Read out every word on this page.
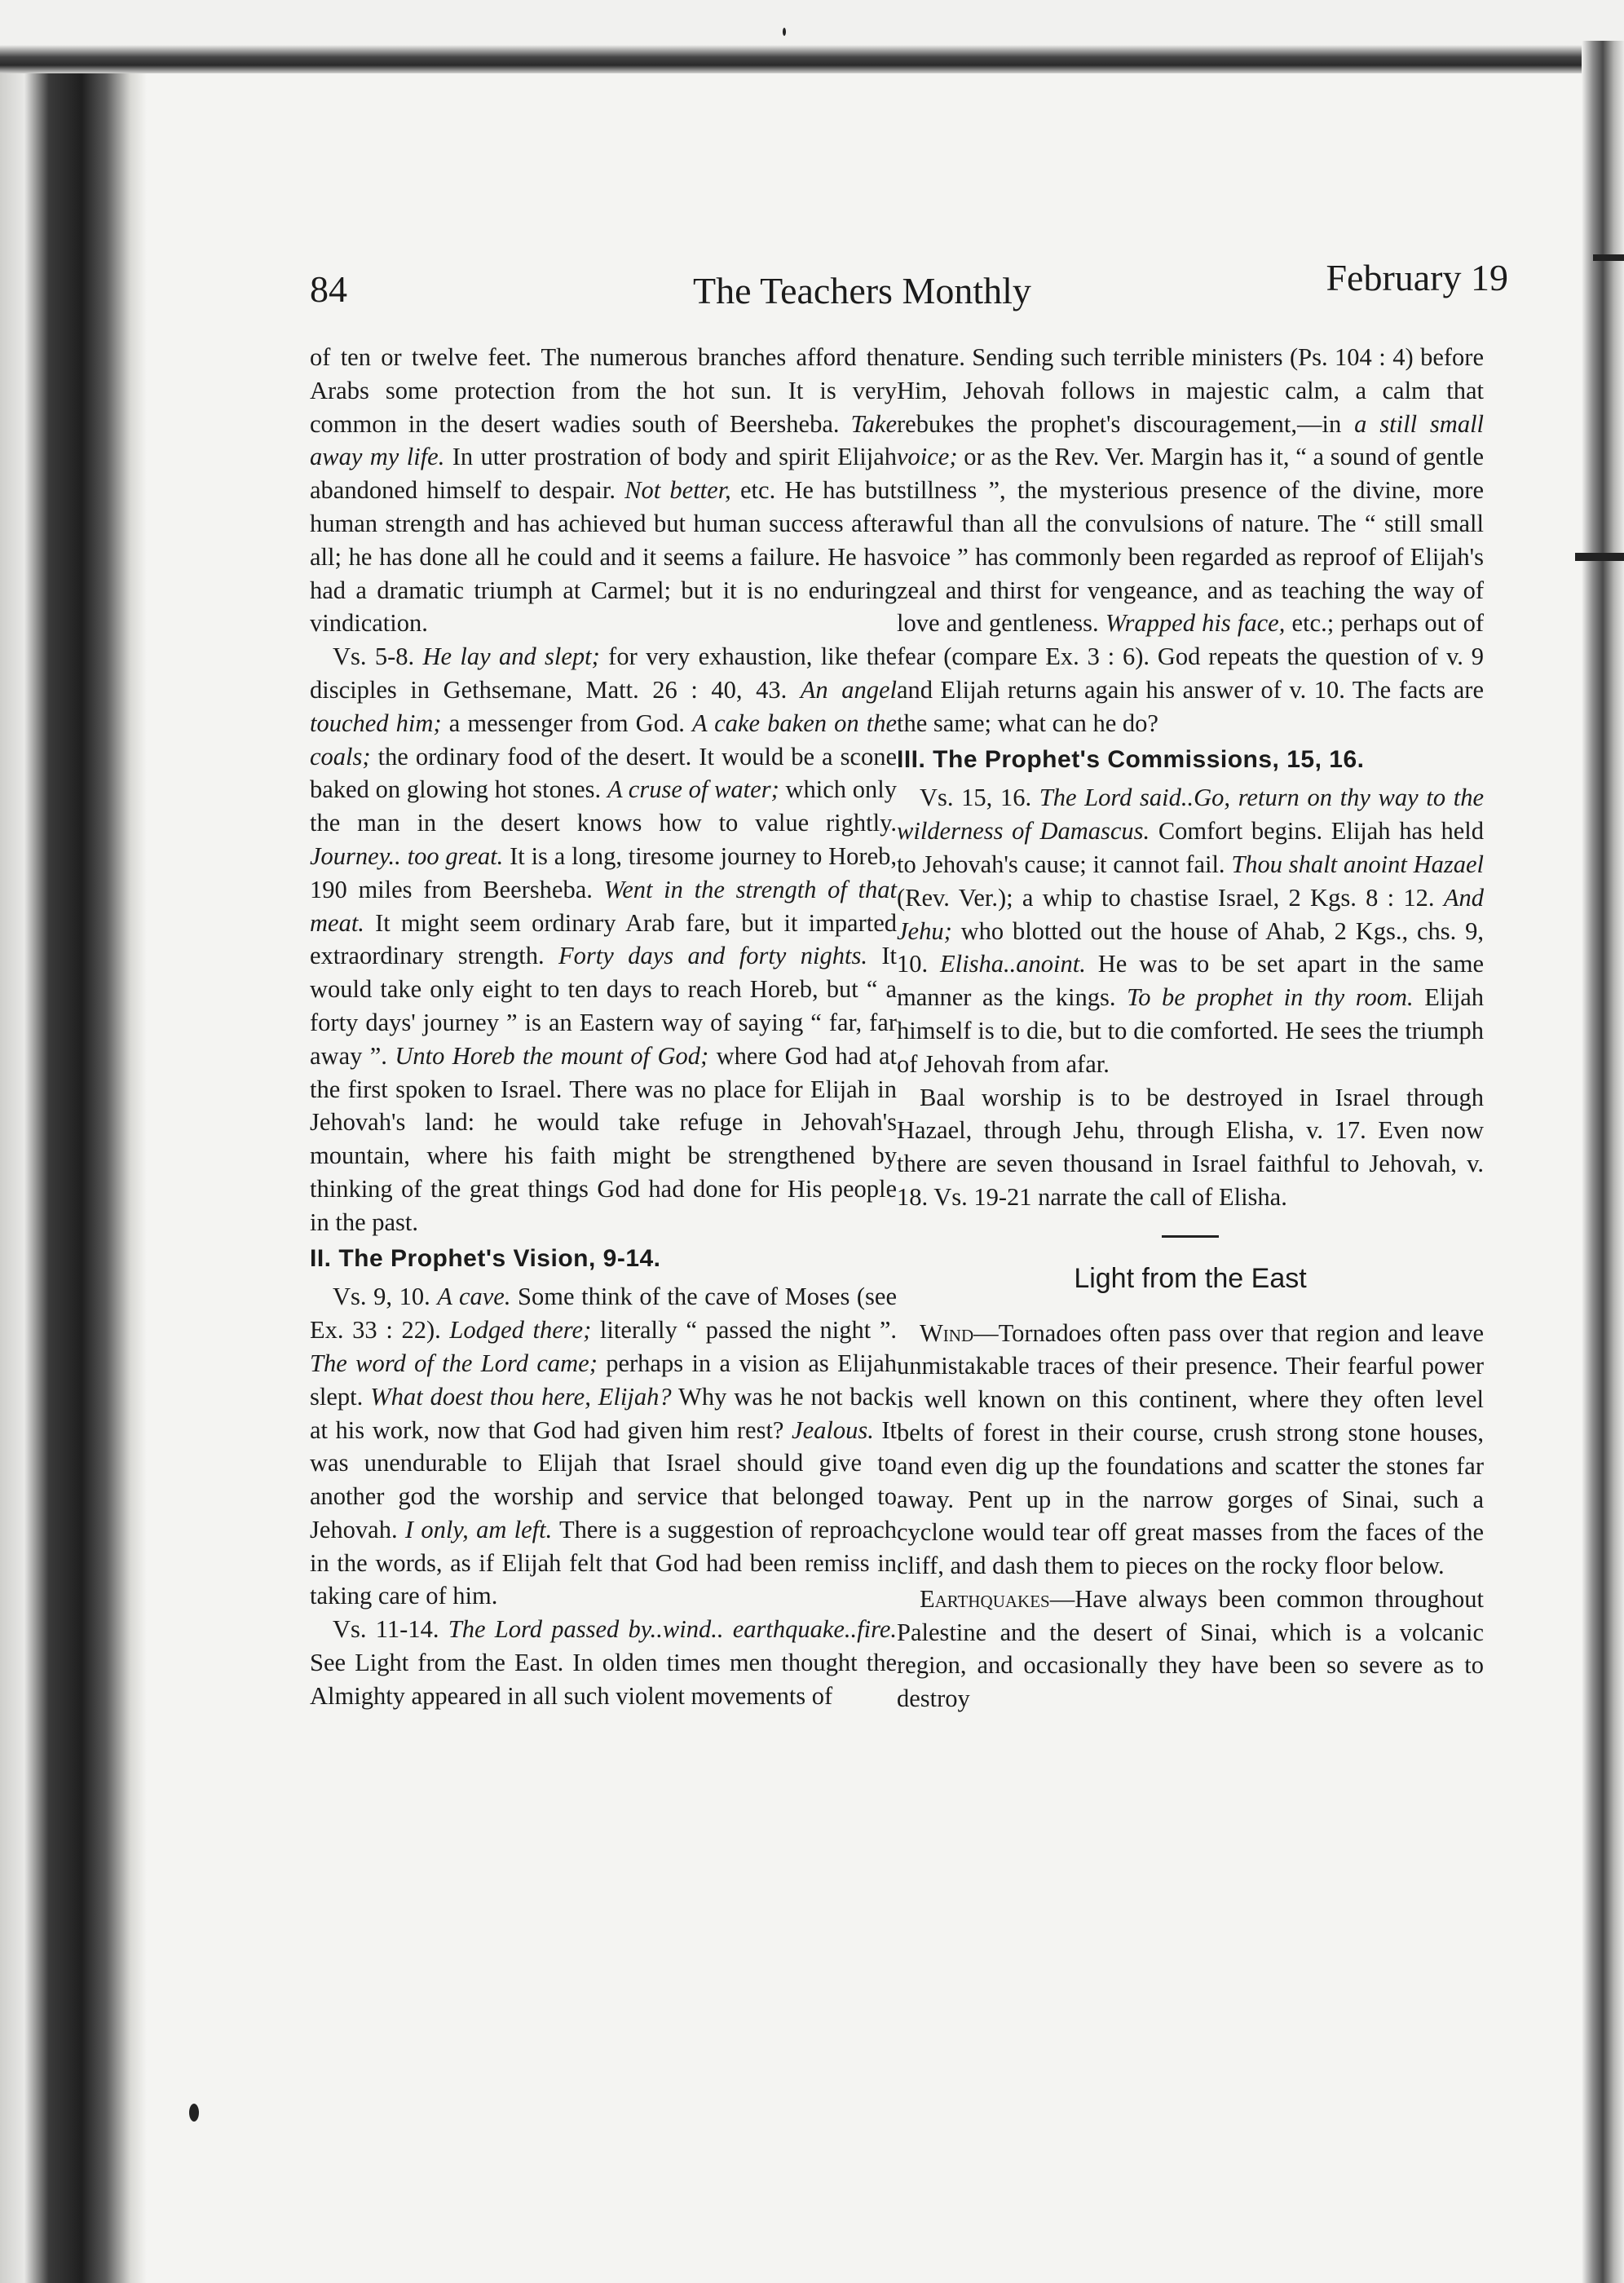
84	The Teachers Monthly	February 19

of ten or twelve feet. The numerous branches afford the Arabs some protection from the hot sun. It is very common in the desert wadies south of Beersheba. Take away my life. In utter prostration of body and spirit Elijah abandoned himself to despair. Not better, etc. He has but human strength and has achieved but human success after all; he has done all he could and it seems a failure. He has had a dramatic triumph at Carmel; but it is no enduring vindication.

Vs. 5-8. He lay and slept; for very exhaustion, like the disciples in Gethsemane, Matt. 26 : 40, 43. An angel touched him; a messenger from God. A cake baken on the coals; the ordinary food of the desert. It would be a scone baked on glowing hot stones. A cruse of water; which only the man in the desert knows how to value rightly. Journey.. too great. It is a long, tiresome journey to Horeb, 190 miles from Beersheba. Went in the strength of that meat. It might seem ordinary Arab fare, but it imparted extraordinary strength. Forty days and forty nights. It would take only eight to ten days to reach Horeb, but “ a forty days' journey ” is an Eastern way of saying “ far, far away ”. Unto Horeb the mount of God; where God had at the first spoken to Israel. There was no place for Elijah in Jehovah's land: he would take refuge in Jehovah's mountain, where his faith might be strengthened by thinking of the great things God had done for His people in the past.

II. The Prophet's Vision, 9-14.

Vs. 9, 10. A cave. Some think of the cave of Moses (see Ex. 33 : 22). Lodged there; literally “ passed the night ”. The word of the Lord came; perhaps in a vision as Elijah slept. What doest thou here, Elijah? Why was he not back at his work, now that God had given him rest? Jealous. It was unendurable to Elijah that Israel should give to another god the worship and service that belonged to Jehovah. I only, am left. There is a suggestion of reproach in the words, as if Elijah felt that God had been remiss in taking care of him.

Vs. 11-14. The Lord passed by..wind.. earthquake..fire. See Light from the East. In olden times men thought the Almighty appeared in all such violent movements of

nature. Sending such terrible ministers (Ps. 104 : 4) before Him, Jehovah follows in majestic calm, a calm that rebukes the prophet's discouragement,—in a still small voice; or as the Rev. Ver. Margin has it, “ a sound of gentle stillness ”, the mysterious presence of the divine, more awful than all the convulsions of nature. The “ still small voice ” has commonly been regarded as reproof of Elijah's zeal and thirst for vengeance, and as teaching the way of love and gentleness. Wrapped his face, etc.; perhaps out of fear (compare Ex. 3 : 6). God repeats the question of v. 9 and Elijah returns again his answer of v. 10. The facts are the same; what can he do?

III. The Prophet's Commissions, 15, 16.

Vs. 15, 16. The Lord said..Go, return on thy way to the wilderness of Damascus. Comfort begins. Elijah has held to Jehovah's cause; it cannot fail. Thou shalt anoint Hazael (Rev. Ver.); a whip to chastise Israel, 2 Kgs. 8 : 12. And Jehu; who blotted out the house of Ahab, 2 Kgs., chs. 9, 10. Elisha..anoint. He was to be set apart in the same manner as the kings. To be prophet in thy room. Elijah himself is to die, but to die comforted. He sees the triumph of Jehovah from afar.

Baal worship is to be destroyed in Israel through Hazael, through Jehu, through Elisha, v. 17. Even now there are seven thousand in Israel faithful to Jehovah, v. 18. Vs. 19-21 narrate the call of Elisha.

Light from the East

Wind—Tornadoes often pass over that region and leave unmistakable traces of their presence. Their fearful power is well known on this continent, where they often level belts of forest in their course, crush strong stone houses, and even dig up the foundations and scatter the stones far away. Pent up in the narrow gorges of Sinai, such a cyclone would tear off great masses from the faces of the cliff, and dash them to pieces on the rocky floor below.

Earthquakes—Have always been common throughout Palestine and the desert of Sinai, which is a volcanic region, and occasionally they have been so severe as to destroy
